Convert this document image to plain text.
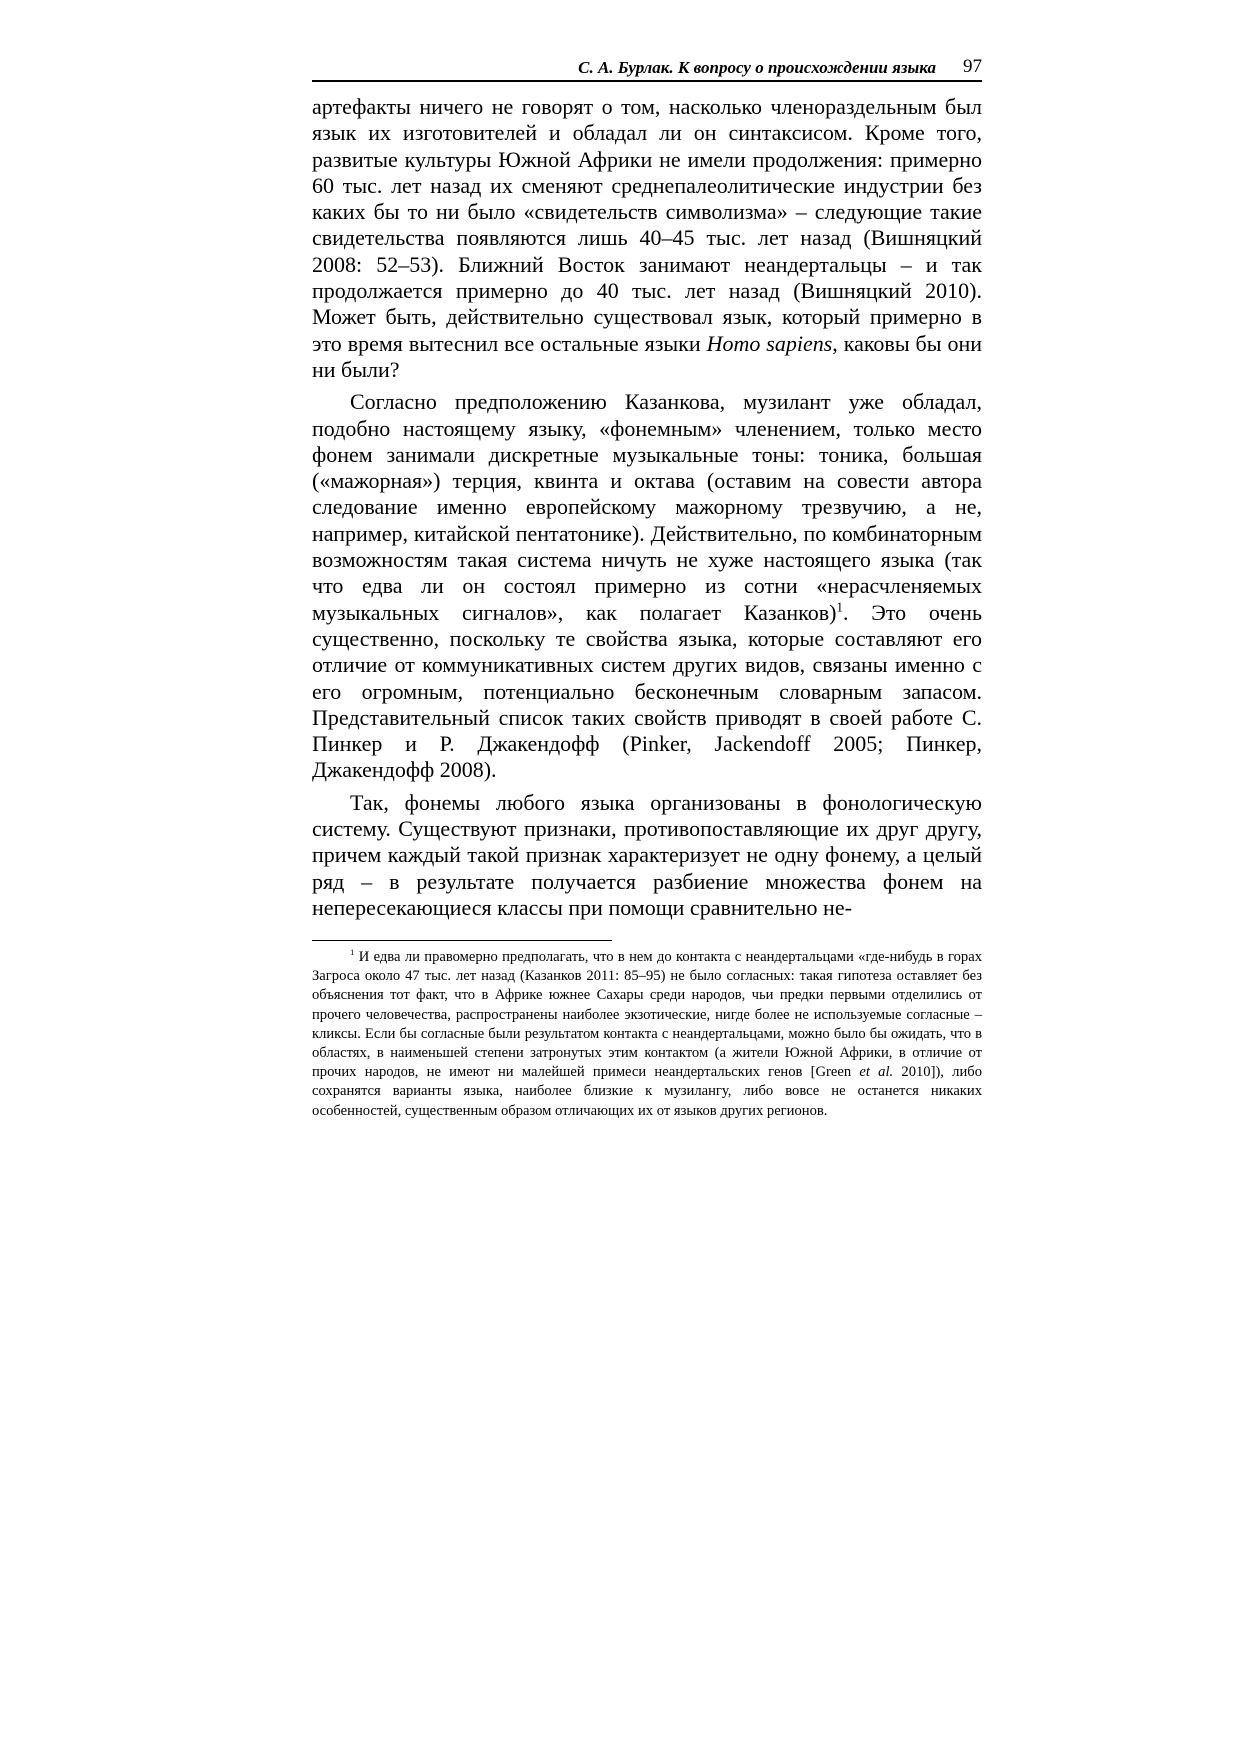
С. А. Бурлак. К вопросу о происхождении языка 97

артефакты ничего не говорят о том, насколько членораздельным был язык их изготовителей и обладал ли он синтаксисом. Кроме того, развитые культуры Южной Африки не имели продолжения: примерно 60 тыс. лет назад их сменяют среднепалеолитические индустрии без каких бы то ни было «свидетельств символизма» – следующие такие свидетельства появляются лишь 40–45 тыс. лет назад (Вишняцкий 2008: 52–53). Ближний Восток занимают неандертальцы – и так продолжается примерно до 40 тыс. лет назад (Вишняцкий 2010). Может быть, действительно существовал язык, который примерно в это время вытеснил все остальные языки Homo sapiens, каковы бы они ни были?

Согласно предположению Казанкова, музилант уже обладал, подобно настоящему языку, «фонемным» членением, только место фонем занимали дискретные музыкальные тоны: тоника, большая («мажорная») терция, квинта и октава (оставим на совести автора следование именно европейскому мажорному трезвучию, а не, например, китайской пентатонике). Действительно, по комбинаторным возможностям такая система ничуть не хуже настоящего языка (так что едва ли он состоял примерно из сотни «нерасчленяемых музыкальных сигналов», как полагает Казанков)$^1$. Это очень существенно, поскольку те свойства языка, которые составляют его отличие от коммуникативных систем других видов, связаны именно с его огромным, потенциально бесконечным словарным запасом. Представительный список таких свойств приводят в своей работе С. Пинкер и Р. Джакендофф (Pinker, Jackendoff 2005; Пинкер, Джакендофф 2008).

Так, фонемы любого языка организованы в фонологическую систему. Существуют признаки, противопоставляющие их друг другу, причем каждый такой признак характеризует не одну фонему, а целый ряд – в результате получается разбиение множества фонем на непересекающиеся классы при помощи сравнительно не-

$^1$ И едва ли правомерно предполагать, что в нем до контакта с неандертальцами «где-нибудь в горах Загроса около 47 тыс. лет назад (Казанков 2011: 85–95) не было согласных: такая гипотеза оставляет без объяснения тот факт, что в Африке южнее Сахары среди народов, чьи предки первыми отделились от прочего человечества, распространены наиболее экзотические, нигде более не используемые согласные – кликсы. Если бы согласные были результатом контакта с неандертальцами, можно было бы ожидать, что в областях, в наименьшей степени затронутых этим контактом (а жители Южной Африки, в отличие от прочих народов, не имеют ни малейшей примеси неандертальских генов [Green et al. 2010]), либо сохранятся варианты языка, наиболее близкие к музилангу, либо вовсе не останется никаких особенностей, существенным образом отличающих их от языков других регионов.
